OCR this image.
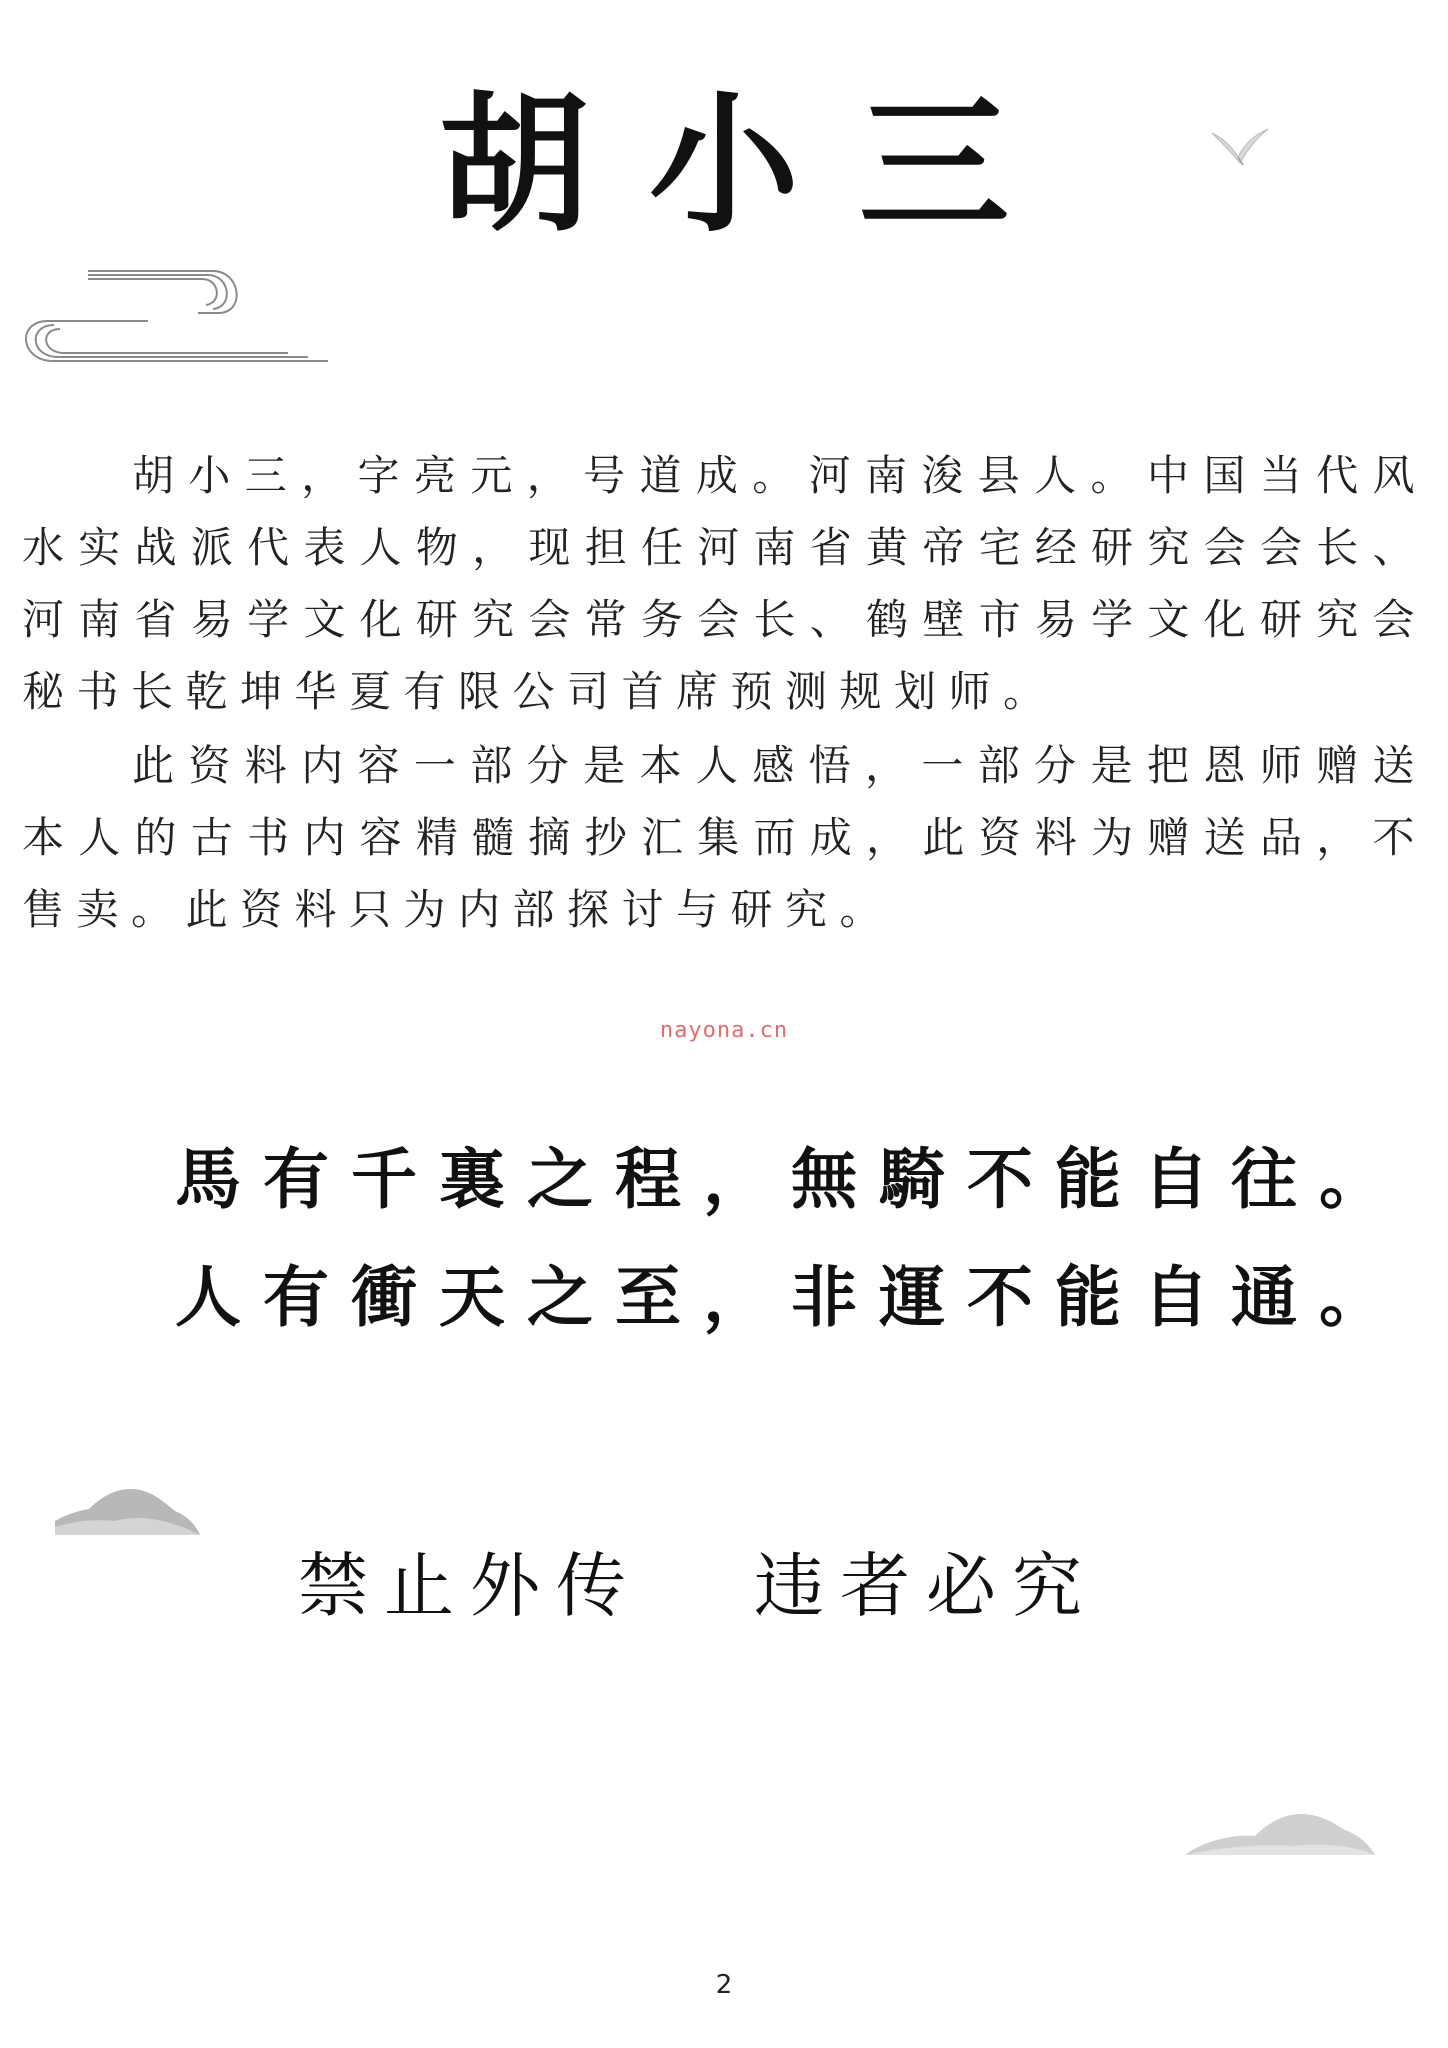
胡小三

胡小三，字亮元，号道成。河南浚县人。中国当代风水实战派代表人物，现担任河南省黄帝宅经研究会会长、河南省易学文化研究会常务会长、鹤壁市易学文化研究会秘书长乾坤华夏有限公司首席预测规划师。

此资料内容一部分是本人感悟，一部分是把恩师赠送本人的古书内容精髓摘抄汇集而成，此资料为赠送品，不售卖。此资料只为内部探讨与研究。

nayona.cn
馬有千裏之程，無騎不能自往。
人有衝天之至，非運不能自通。
禁止外传 违者必究
2
